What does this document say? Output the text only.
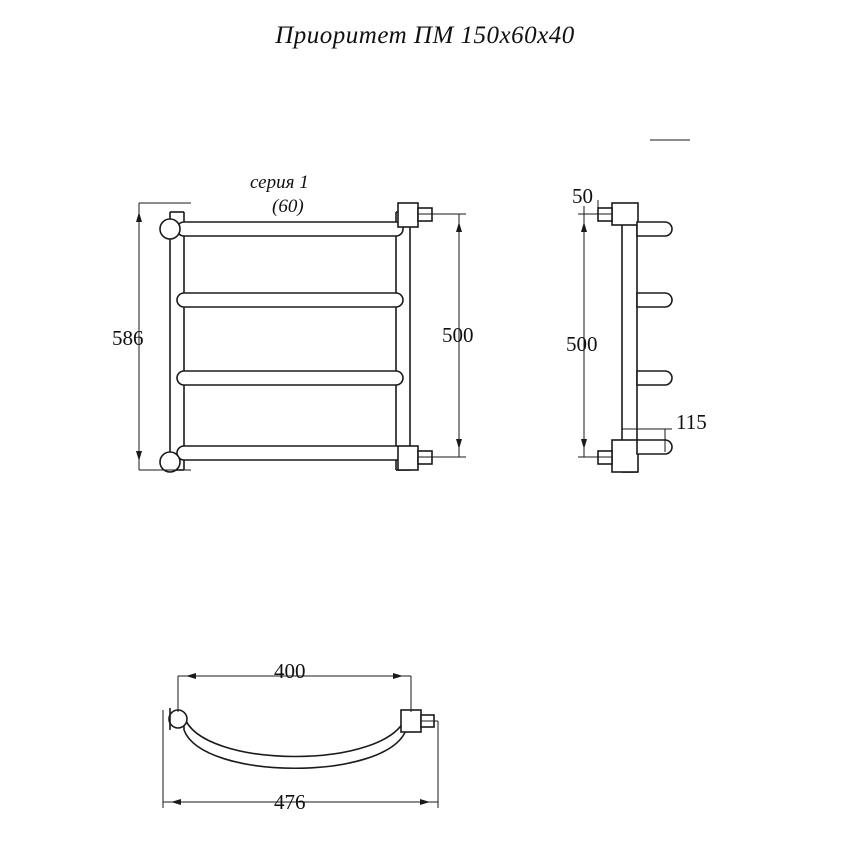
Приоритет ПМ 150х60х40
серия 1
(60)
586	500
50
500
115
400
476
